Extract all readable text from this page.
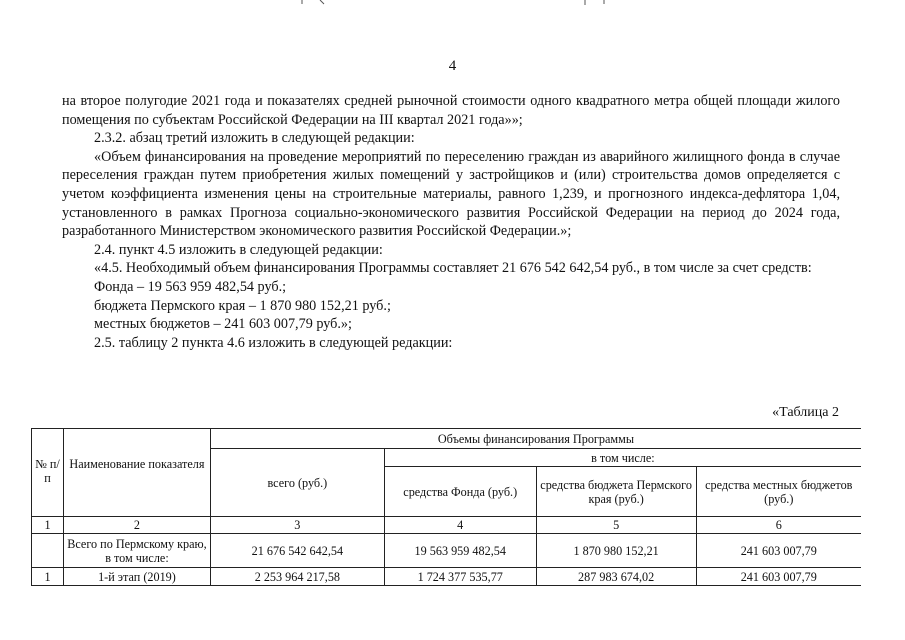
4

на второе полугодие 2021 года и показателях средней рыночной стоимости одного квадратного метра общей площади жилого помещения по субъектам Российской Федерации на III квартал 2021 года»»;

2.3.2. абзац третий изложить в следующей редакции:

«Объем финансирования на проведение мероприятий по переселению граждан из аварийного жилищного фонда в случае переселения граждан путем приобретения жилых помещений у застройщиков и (или) строительства домов определяется с учетом коэффициента изменения цены на строительные материалы, равного 1,239, и прогнозного индекса-дефлятора 1,04, установленного в рамках Прогноза социально-экономического развития Российской Федерации на период до 2024 года, разработанного Министерством экономического развития Российской Федерации.»;

2.4. пункт 4.5 изложить в следующей редакции:

«4.5. Необходимый объем финансирования Программы составляет 21 676 542 642,54 руб., в том числе за счет средств:

Фонда – 19 563 959 482,54 руб.;

бюджета Пермского края – 1 870 980 152,21 руб.;

местных бюджетов – 241 603 007,79 руб.»;

2.5. таблицу 2 пункта 4.6 изложить в следующей редакции:

«Таблица 2
№ п/п	Наименование показателя	Объемы финансирования Программы			
		всего (руб.)	в том числе:		
			средства Фонда (руб.)	средства бюджета Пермского края (руб.)	средства местных бюджетов (руб.)
1	2	3	4	5	6
	Всего по Пермскому краю, в том числе:	21 676 542 642,54	19 563 959 482,54	1 870 980 152,21	241 603 007,79
1	1-й этап (2019)	2 253 964 217,58	1 724 377 535,77	287 983 674,02	241 603 007,79
